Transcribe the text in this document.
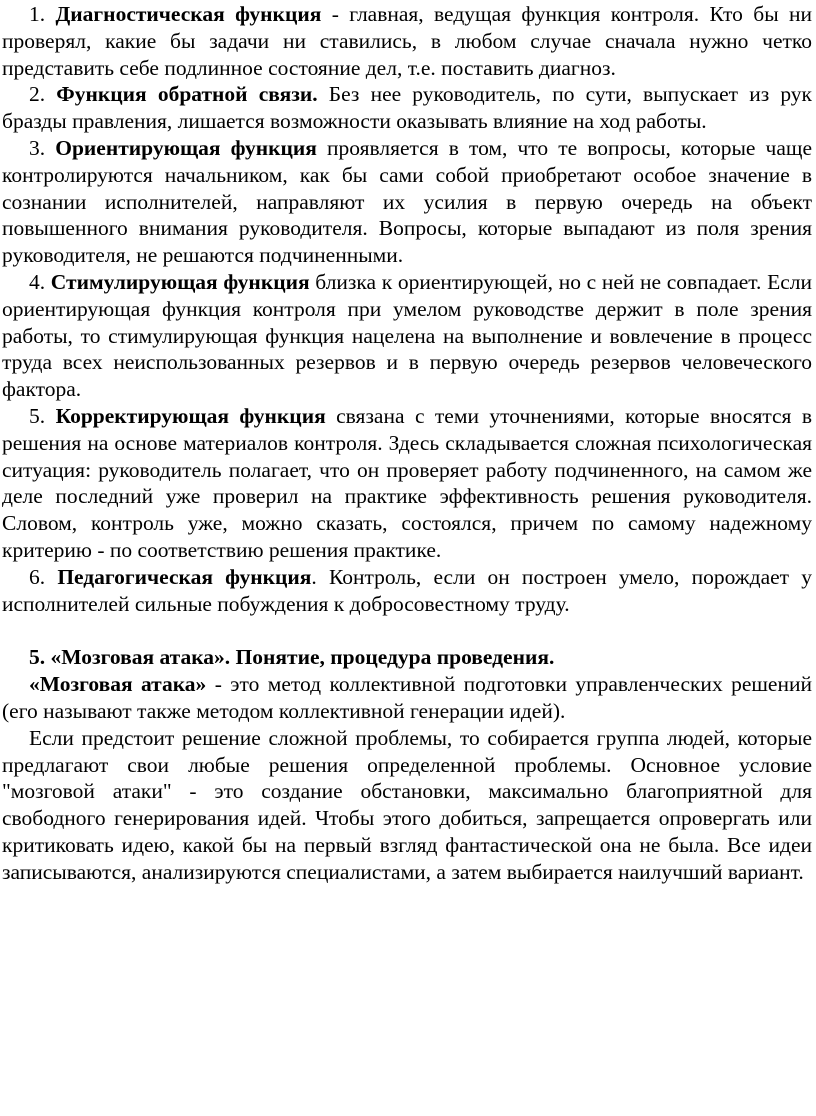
1. Диагностическая функция - главная, ведущая функция контроля. Кто бы ни проверял, какие бы задачи ни ставились, в любом случае сначала нужно четко представить себе подлинное состояние дел, т.е. поставить диагноз.

2. Функция обратной связи. Без нее руководитель, по сути, выпускает из рук бразды правления, лишается возможности оказывать влияние на ход работы.

3. Ориентирующая функция проявляется в том, что те вопросы, которые чаще контролируются начальником, как бы сами собой приобретают особое значение в сознании исполнителей, направляют их усилия в первую очередь на объект повышенного внимания руководителя. Вопросы, которые выпадают из поля зрения руководителя, не решаются подчиненными.

4. Стимулирующая функция близка к ориентирующей, но с ней не совпадает. Если ориентирующая функция контроля при умелом руководстве держит в поле зрения работы, то стимулирующая функция нацелена на выполнение и вовлечение в процесс труда всех неиспользованных резервов и в первую очередь резервов человеческого фактора.

5. Корректирующая функция связана с теми уточнениями, которые вносятся в решения на основе материалов контроля. Здесь складывается сложная психологическая ситуация: руководитель полагает, что он проверяет работу подчиненного, на самом же деле последний уже проверил на практике эффективность решения руководителя. Словом, контроль уже, можно сказать, состоялся, причем по самому надежному критерию - по соответствию решения практике.

6. Педагогическая функция. Контроль, если он построен умело, порождает у исполнителей сильные побуждения к добросовестному труду.

5. «Мозговая атака». Понятие, процедура проведения.

«Мозговая атака» - это метод коллективной подготовки управленческих решений (его называют также методом коллективной генерации идей).

Если предстоит решение сложной проблемы, то собирается группа людей, которые предлагают свои любые решения определенной проблемы. Основное условие "мозговой атаки" - это создание обстановки, максимально благоприятной для свободного генерирования идей. Чтобы этого добиться, запрещается опровергать или критиковать идею, какой бы на первый взгляд фантастической она не была. Все идеи записываются, анализируются специалистами, а затем выбирается наилучший вариант.
